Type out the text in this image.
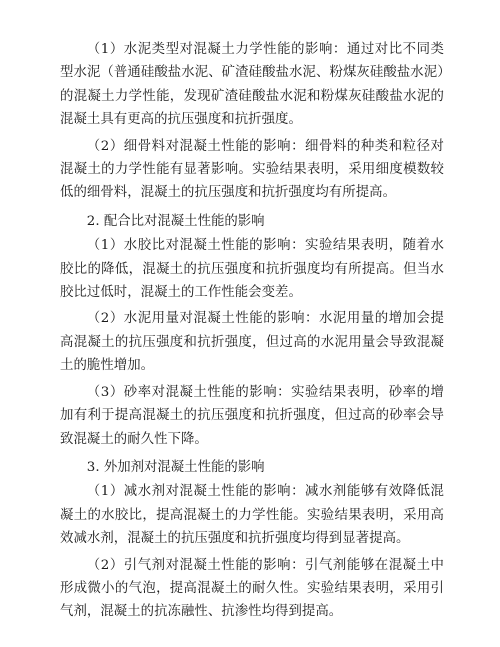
（1）水泥类型对混凝土力学性能的影响：通过对比不同类型水泥（普通硅酸盐水泥、矿渣硅酸盐水泥、粉煤灰硅酸盐水泥）的混凝土力学性能，发现矿渣硅酸盐水泥和粉煤灰硅酸盐水泥的混凝土具有更高的抗压强度和抗折强度。

（2）细骨料对混凝土性能的影响：细骨料的种类和粒径对混凝土的力学性能有显著影响。实验结果表明，采用细度模数较低的细骨料，混凝土的抗压强度和抗折强度均有所提高。

2. 配合比对混凝土性能的影响

（1）水胶比对混凝土性能的影响：实验结果表明，随着水胶比的降低，混凝土的抗压强度和抗折强度均有所提高。但当水胶比过低时，混凝土的工作性能会变差。

（2）水泥用量对混凝土性能的影响：水泥用量的增加会提高混凝土的抗压强度和抗折强度，但过高的水泥用量会导致混凝土的脆性增加。

（3）砂率对混凝土性能的影响：实验结果表明，砂率的增加有利于提高混凝土的抗压强度和抗折强度，但过高的砂率会导致混凝土的耐久性下降。

3. 外加剂对混凝土性能的影响

（1）减水剂对混凝土性能的影响：减水剂能够有效降低混凝土的水胶比，提高混凝土的力学性能。实验结果表明，采用高效减水剂，混凝土的抗压强度和抗折强度均得到显著提高。

（2）引气剂对混凝土性能的影响：引气剂能够在混凝土中形成微小的气泡，提高混凝土的耐久性。实验结果表明，采用引气剂，混凝土的抗冻融性、抗渗性均得到提高。
